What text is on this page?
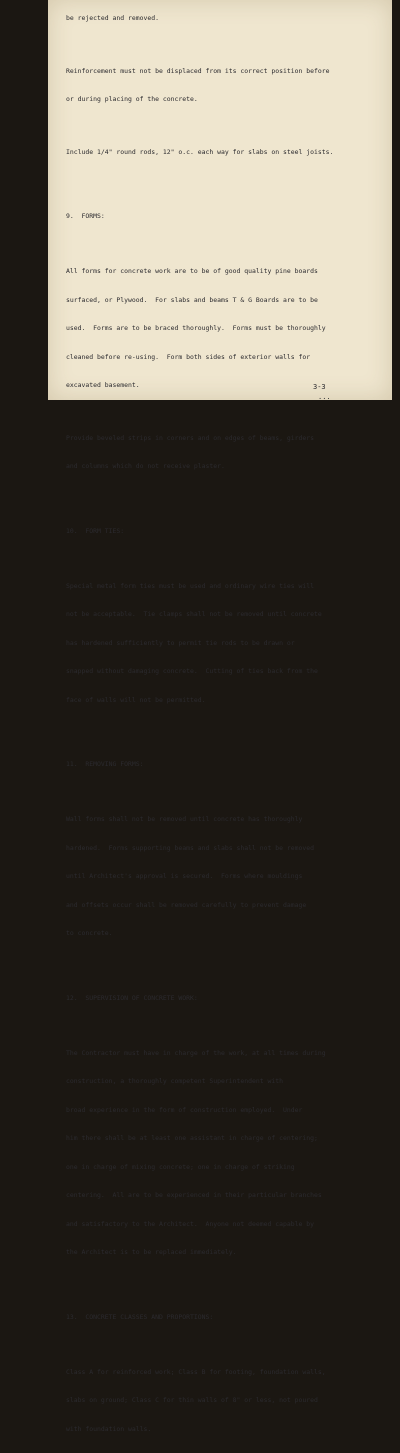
be rejected and removed.

Reinforcement must not be displaced from its correct position before

or during placing of the concrete.

Include 1/4" round rods, 12" o.c. each way for slabs on steel joists.

9.  FORMS:

All forms for concrete work are to be of good quality pine boards

surfaced, or Plywood.  For slabs and beams T & G Boards are to be

used.  Forms are to be braced thoroughly.  Forms must be thoroughly

cleaned before re-using.  Form both sides of exterior walls for

excavated basement.

Provide beveled strips in corners and on edges of beams, girders

and columns which do not receive plaster.

10.  FORM TIES:

Special metal form ties must be used and ordinary wire ties will

not be acceptable.  Tie clamps shall not be removed until concrete

has hardened sufficiently to permit tie rods to be drawn or

snapped without damaging concrete.  Cutting of ties back from the

face of walls will not be permitted.

11.  REMOVING FORMS:

Wall forms shall not be removed until concrete has thoroughly

hardened.  Forms supporting beams and slabs shall not be removed

until Architect's approval is secured.  Forms where mouldings

and offsets occur shall be removed carefully to prevent damage

to concrete.

12.  SUPERVISION OF CONCRETE WORK:

The Contractor must have in charge of the work, at all times during

construction, a thoroughly competent Superintendent with

broad experience in the form of construction employed.  Under

him there shall be at least one assistant in charge of centering;

one in charge of mixing concrete; one in charge of striking

centering.  All are to be experienced in their particular branches

and satisfactory to the Architect.  Anyone not deemed capable by

the Architect is to be replaced immediately.

13.  CONCRETE CLASSES AND PROPORTIONS:

Class A for reinforced work; Class B for footing, foundation walls,

slabs on ground; Class C for thin walls of 8" or less, not poured

with foundation walls.

3-3
...
